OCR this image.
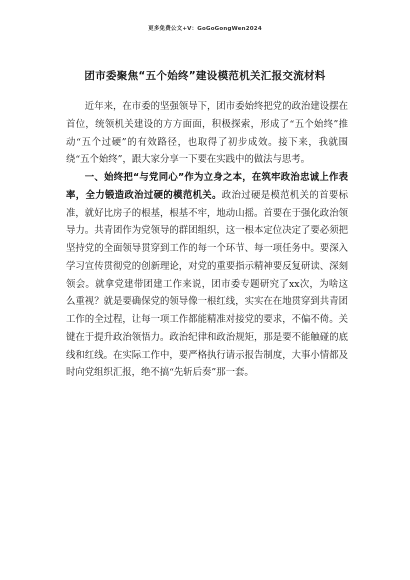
更多免费公文+V：GoGoGongWen2024
团市委聚焦“五个始终”建设模范机关汇报交流材料

近年来，在市委的坚强领导下，团市委始终把党的政治建设摆在首位，统领机关建设的方方面面，积极探索，形成了“五个始终”推动“五个过硬”的有效路径，也取得了初步成效。接下来，我就围绕“五个始终”，跟大家分享一下要在实践中的做法与思考。

一、始终把“与党同心”作为立身之本，在筑牢政治忠诚上作表率，全力锻造政治过硬的模范机关。政治过硬是模范机关的首要标准，就好比房子的根基，根基不牢，地动山摇。首要在于强化政治领导力。共青团作为党领导的群团组织，这一根本定位决定了要必须把坚持党的全面领导贯穿到工作的每一个环节、每一项任务中。要深入学习宣传贯彻党的创新理论，对党的重要指示精神要反复研读、深刻领会。就拿党建带团建工作来说，团市委专题研究了xx次，为啥这么重视？就是要确保党的领导像一根红线，实实在在地贯穿到共青团工作的全过程，让每一项工作都能精准对接党的要求，不偏不倚。关键在于提升政治领悟力。政治纪律和政治规矩，那是要不能触碰的底线和红线。在实际工作中，要严格执行请示报告制度，大事小情都及时向党组织汇报，绝不搞“先斩后奏”那一套。
